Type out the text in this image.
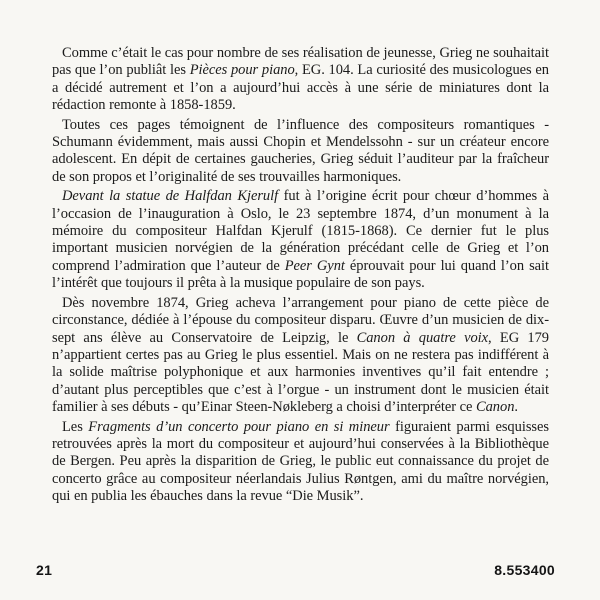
Comme c’était le cas pour nombre de ses réalisation de jeunesse, Grieg ne souhaitait pas que l’on publiât les Pièces pour piano, EG. 104. La curiosité des musicologues en a décidé autrement et l’on a aujourd’hui accès à une série de miniatures dont la rédaction remonte à 1858-1859.

Toutes ces pages témoignent de l’influence des compositeurs romantiques - Schumann évidemment, mais aussi Chopin et Mendelssohn - sur un créateur encore adolescent. En dépit de certaines gaucheries, Grieg séduit l’auditeur par la fraîcheur de son propos et l’originalité de ses trouvailles harmoniques.

Devant la statue de Halfdan Kjerulf fut à l’origine écrit pour chœur d’hommes à l’occasion de l’inauguration à Oslo, le 23 septembre 1874, d’un monument à la mémoire du compositeur Halfdan Kjerulf (1815-1868). Ce dernier fut le plus important musicien norvégien de la génération précédant celle de Grieg et l’on comprend l’admiration que l’auteur de Peer Gynt éprouvait pour lui quand l’on sait l’intérêt que toujours il prêta à la musique populaire de son pays.

Dès novembre 1874, Grieg acheva l’arrangement pour piano de cette pièce de circonstance, dédiée à l’épouse du compositeur disparu. Œuvre d’un musicien de dix-sept ans élève au Conservatoire de Leipzig, le Canon à quatre voix, EG 179 n’appartient certes pas au Grieg le plus essentiel. Mais on ne restera pas indifférent à la solide maîtrise polyphonique et aux harmonies inventives qu’il fait entendre ; d’autant plus perceptibles que c’est à l’orgue - un instrument dont le musicien était familier à ses débuts - qu’Einar Steen-Nøkleberg a choisi d’interpréter ce Canon.

Les Fragments d’un concerto pour piano en si mineur figuraient parmi esquisses retrouvées après la mort du compositeur et aujourd’hui conservées à la Bibliothèque de Bergen. Peu après la disparition de Grieg, le public eut connaissance du projet de concerto grâce au compositeur néerlandais Julius Røntgen, ami du maître norvégien, qui en publia les ébauches dans la revue “Die Musik”.

21	8.553400
